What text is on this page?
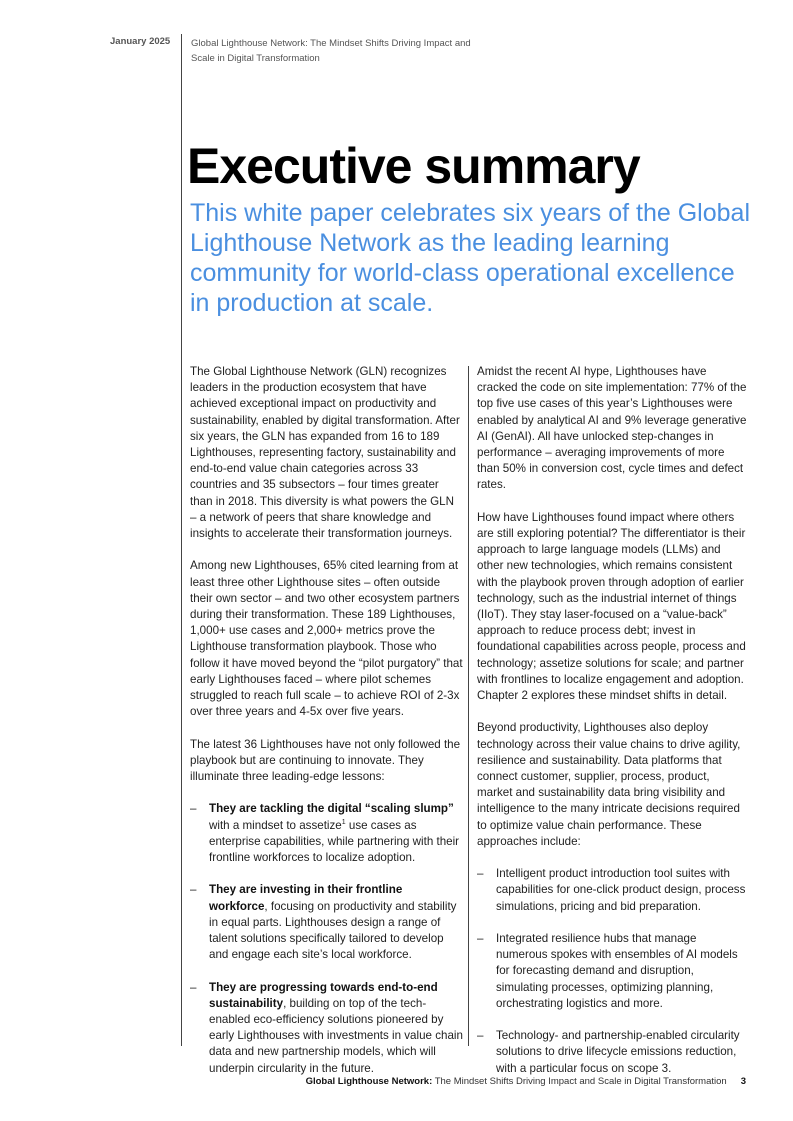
January 2025 Global Lighthouse Network: The Mindset Shifts Driving Impact and Scale in Digital Transformation
Executive summary
This white paper celebrates six years of the Global Lighthouse Network as the leading learning community for world-class operational excellence in production at scale.

The Global Lighthouse Network (GLN) recognizes leaders in the production ecosystem that have achieved exceptional impact on productivity and sustainability, enabled by digital transformation. After six years, the GLN has expanded from 16 to 189 Lighthouses, representing factory, sustainability and end-to-end value chain categories across 33 countries and 35 subsectors – four times greater than in 2018. This diversity is what powers the GLN – a network of peers that share knowledge and insights to accelerate their transformation journeys.

Among new Lighthouses, 65% cited learning from at least three other Lighthouse sites – often outside their own sector – and two other ecosystem partners during their transformation. These 189 Lighthouses, 1,000+ use cases and 2,000+ metrics prove the Lighthouse transformation playbook. Those who follow it have moved beyond the “pilot purgatory” that early Lighthouses faced – where pilot schemes struggled to reach full scale – to achieve ROI of 2-3x over three years and 4-5x over five years.

The latest 36 Lighthouses have not only followed the playbook but are continuing to innovate. They illuminate three leading-edge lessons:

– They are tackling the digital “scaling slump” with a mindset to assetize$^1$ use cases as enterprise capabilities, while partnering with their frontline workforces to localize adoption.
– They are investing in their frontline workforce, focusing on productivity and stability in equal parts. Lighthouses design a range of talent solutions specifically tailored to develop and engage each site’s local workforce.
– They are progressing towards end-to-end sustainability, building on top of the tech-enabled eco-efficiency solutions pioneered by early Lighthouses with investments in value chain data and new partnership models, which will underpin circularity in the future.

Amidst the recent AI hype, Lighthouses have cracked the code on site implementation: 77% of the top five use cases of this year’s Lighthouses were enabled by analytical AI and 9% leverage generative AI (GenAI). All have unlocked step-changes in performance – averaging improvements of more than 50% in conversion cost, cycle times and defect rates.

How have Lighthouses found impact where others are still exploring potential? The differentiator is their approach to large language models (LLMs) and other new technologies, which remains consistent with the playbook proven through adoption of earlier technology, such as the industrial internet of things (IIoT). They stay laser-focused on a “value-back” approach to reduce process debt; invest in foundational capabilities across people, process and technology; assetize solutions for scale; and partner with frontlines to localize engagement and adoption. Chapter 2 explores these mindset shifts in detail.

Beyond productivity, Lighthouses also deploy technology across their value chains to drive agility, resilience and sustainability. Data platforms that connect customer, supplier, process, product, market and sustainability data bring visibility and intelligence to the many intricate decisions required to optimize value chain performance. These approaches include:

– Intelligent product introduction tool suites with capabilities for one-click product design, process simulations, pricing and bid preparation.
– Integrated resilience hubs that manage numerous spokes with ensembles of AI models for forecasting demand and disruption, simulating processes, optimizing planning, orchestrating logistics and more.
– Technology- and partnership-enabled circularity solutions to drive lifecycle emissions reduction, with a particular focus on scope 3.
Global Lighthouse Network: The Mindset Shifts Driving Impact and Scale in Digital Transformation 3
